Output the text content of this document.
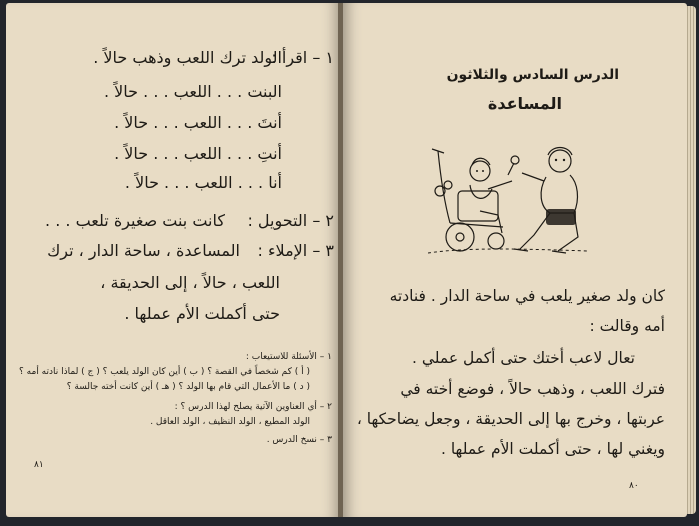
١ – اقرأ :
الولد ترك اللعب وذهب حالاً .
البنت . . . اللعب . . . حالاً .
أنتَ . . . اللعب . . . حالاً .
أنتِ . . . اللعب . . . حالاً .
أنا . . . اللعب . . . حالاً .
٢ – التحويل :
كانت بنت صغيرة تلعب . . .
٣ – الإملاء :
المساعدة ، ساحة الدار ، ترك
اللعب ، حالاً ، إلى الحديقة ،
حتى أكملت الأم عملها .
١ – الأسئلة للاستيعاب :
( أ ) كم شخصاً في القصة ؟ ( ب ) أين كان الولد يلعب ؟ ( ج ) لماذا نادته أمه ؟
( د ) ما الأعمال التي قام بها الولد ؟ ( هـ ) أين كانت أخته جالسة ؟
٢ – أي العناوين الآتية يصلح لهذا الدرس ؟ :
الولد المطيع ، الولد النظيف ، الولد العاقل .
٣ – نسخ الدرس .
٨١
الدرس السادس والثلاثون
المساعدة
كان ولد صغير يلعب في ساحة الدار . فنادته
أمه وقالت :
تعال لاعب أختك حتى أكمل عملي .
فترك اللعب ، وذهب حالاً ، فوضع أخته في
عربتها ، وخرج بها إلى الحديقة ، وجعل يضاحكها ،
ويغني لها ، حتى أكملت الأم عملها .
٨٠
